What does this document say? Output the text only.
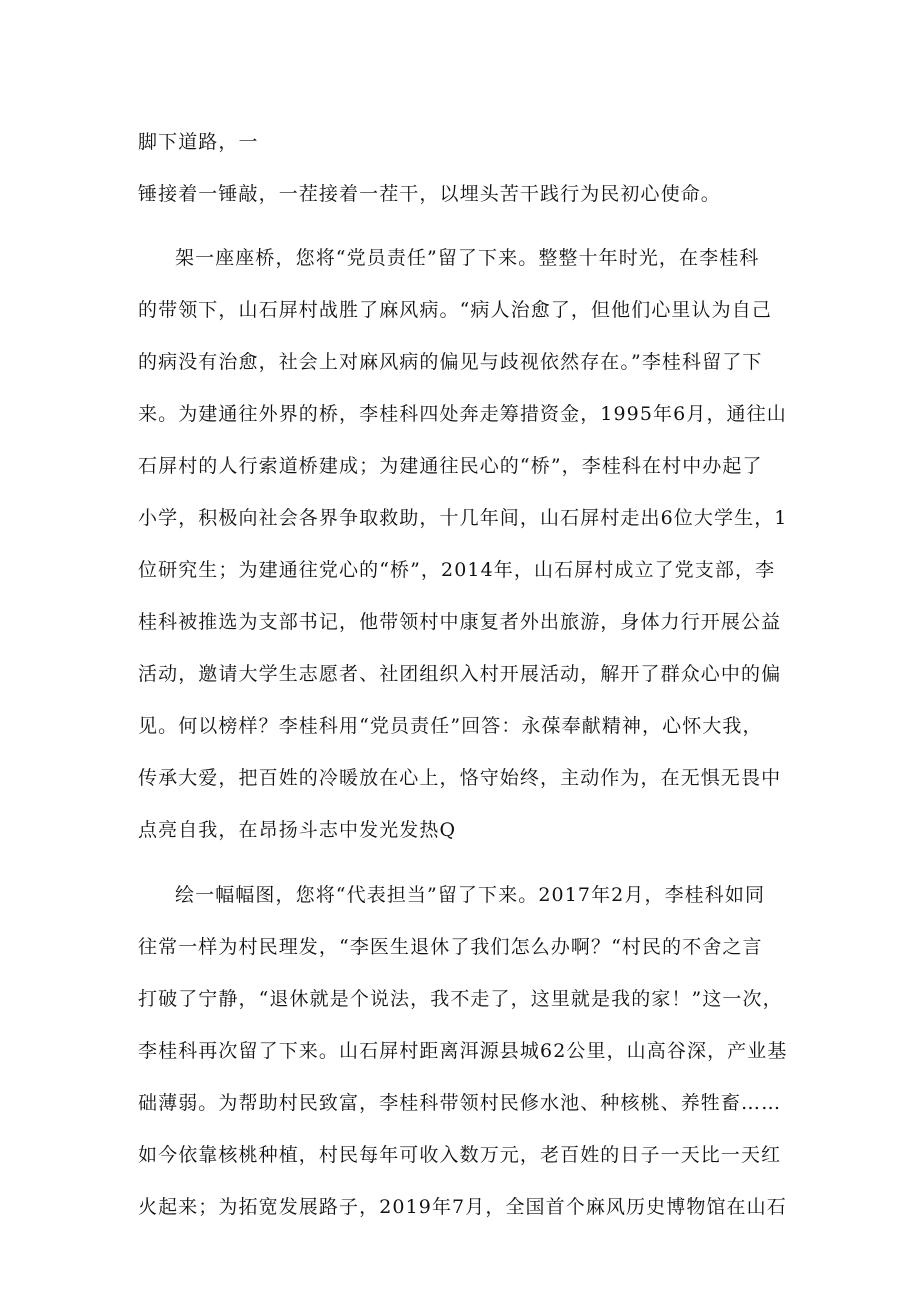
脚下道路，一
锤接着一锤敲，一茬接着一茬干，以埋头苦干践行为民初心使命。
架一座座桥，您将“党员责任”留了下来。整整十年时光，在李桂科
的带领下，山石屏村战胜了麻风病。“病人治愈了，但他们心里认为自己
的病没有治愈，社会上对麻风病的偏见与歧视依然存在。”李桂科留了下
来。为建通往外界的桥，李桂科四处奔走筹措资金，1995年6月，通往山
石屏村的人行索道桥建成；为建通往民心的“桥”，李桂科在村中办起了
小学，积极向社会各界争取救助，十几年间，山石屏村走出6位大学生，1
位研究生；为建通往党心的“桥”，2014年，山石屏村成立了党支部，李
桂科被推选为支部书记，他带领村中康复者外出旅游，身体力行开展公益
活动，邀请大学生志愿者、社团组织入村开展活动，解开了群众心中的偏
见。何以榜样？李桂科用“党员责任”回答：永葆奉献精神，心怀大我，
传承大爱，把百姓的冷暖放在心上，恪守始终，主动作为，在无惧无畏中
点亮自我，在昂扬斗志中发光发热Q
绘一幅幅图，您将“代表担当”留了下来。2017年2月，李桂科如同
往常一样为村民理发，“李医生退休了我们怎么办啊？“村民的不舍之言
打破了宁静，“退休就是个说法，我不走了，这里就是我的家！”这一次，
李桂科再次留了下来。山石屏村距离洱源县城62公里，山高谷深，产业基
础薄弱。为帮助村民致富，李桂科带领村民修水池、种核桃、养牲畜……
如今依靠核桃种植，村民每年可收入数万元，老百姓的日子一天比一天红
火起来；为拓宽发展路子，2019年7月，全国首个麻风历史博物馆在山石
